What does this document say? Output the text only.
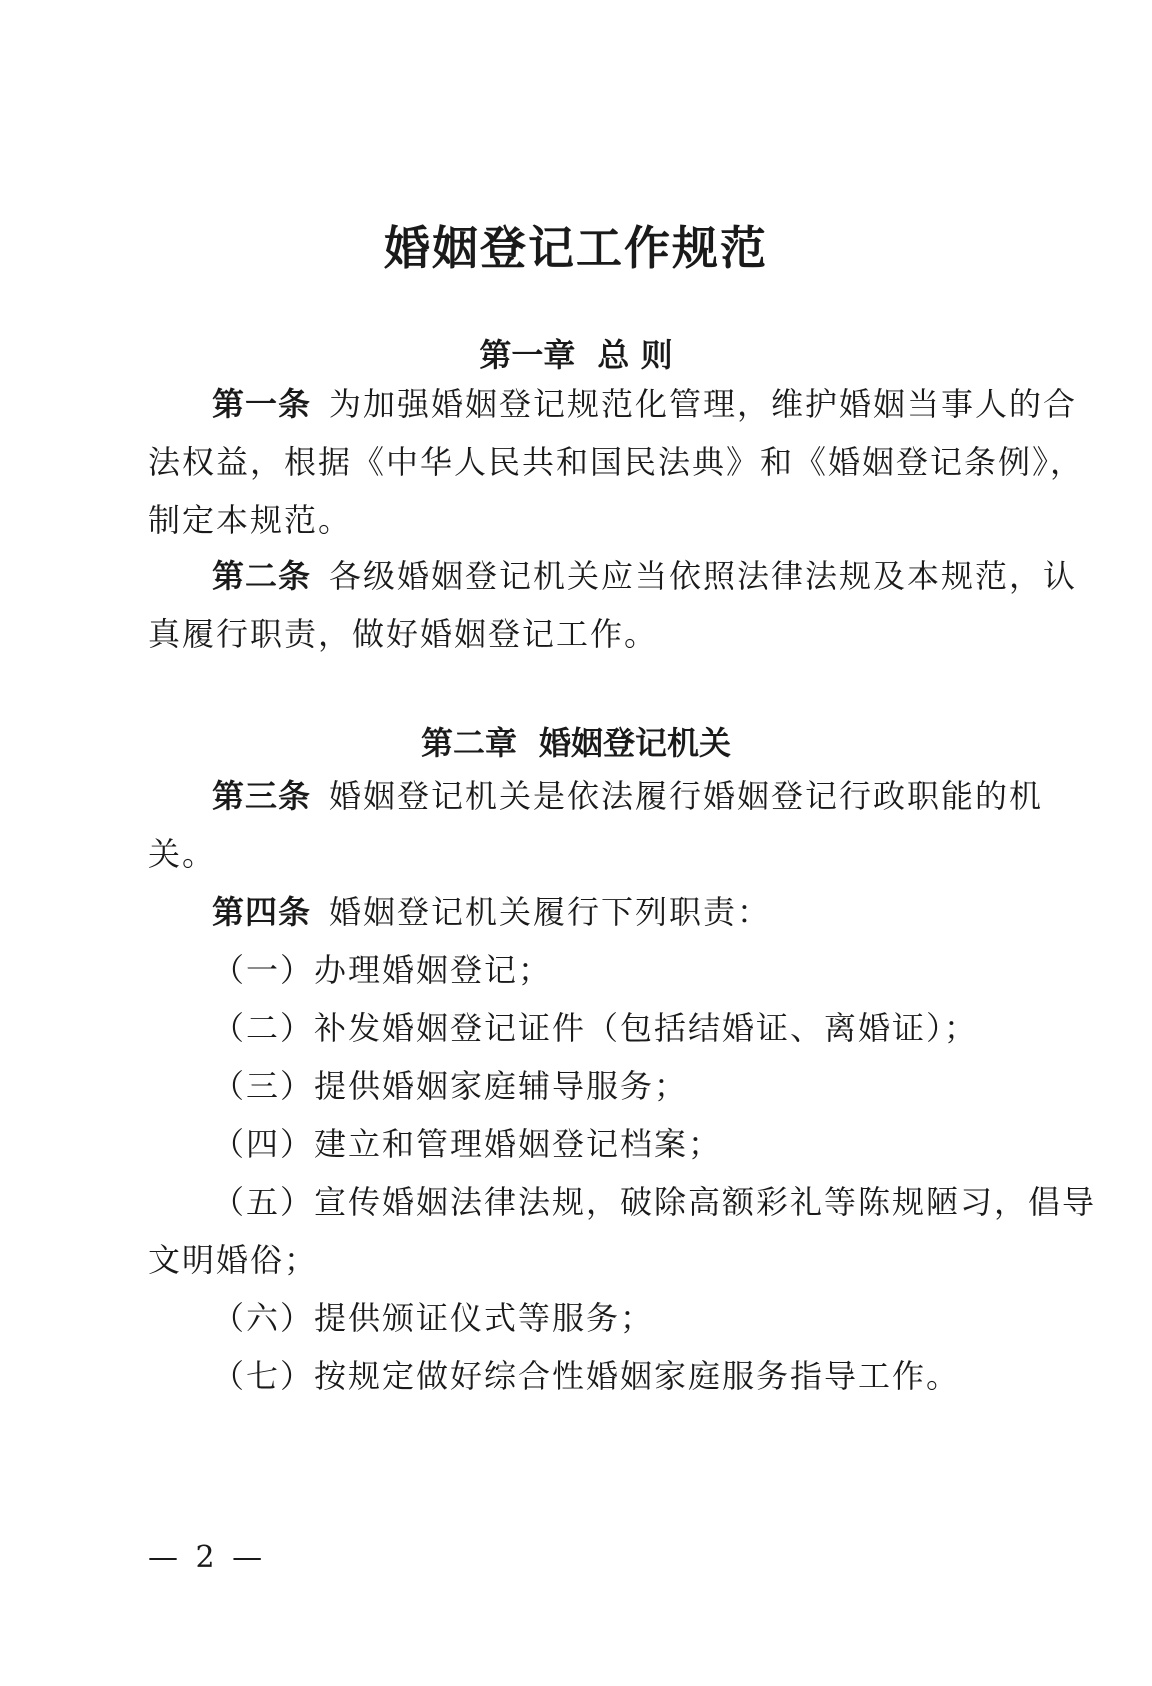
婚姻登记工作规范
第一章 总 则
第一条 为加强婚姻登记规范化管理，维护婚姻当事人的合
法权益，根据《中华人民共和国民法典》和《婚姻登记条例》，
制定本规范。
第二条 各级婚姻登记机关应当依照法律法规及本规范，认
真履行职责，做好婚姻登记工作。
第二章 婚姻登记机关
第三条 婚姻登记机关是依法履行婚姻登记行政职能的机
关。
第四条 婚姻登记机关履行下列职责：
（一）办理婚姻登记；
（二）补发婚姻登记证件（包括结婚证、离婚证）；
（三）提供婚姻家庭辅导服务；
（四）建立和管理婚姻登记档案；
（五）宣传婚姻法律法规，破除高额彩礼等陈规陋习，倡导
文明婚俗；
（六）提供颁证仪式等服务；
（七）按规定做好综合性婚姻家庭服务指导工作。
— 2 —
